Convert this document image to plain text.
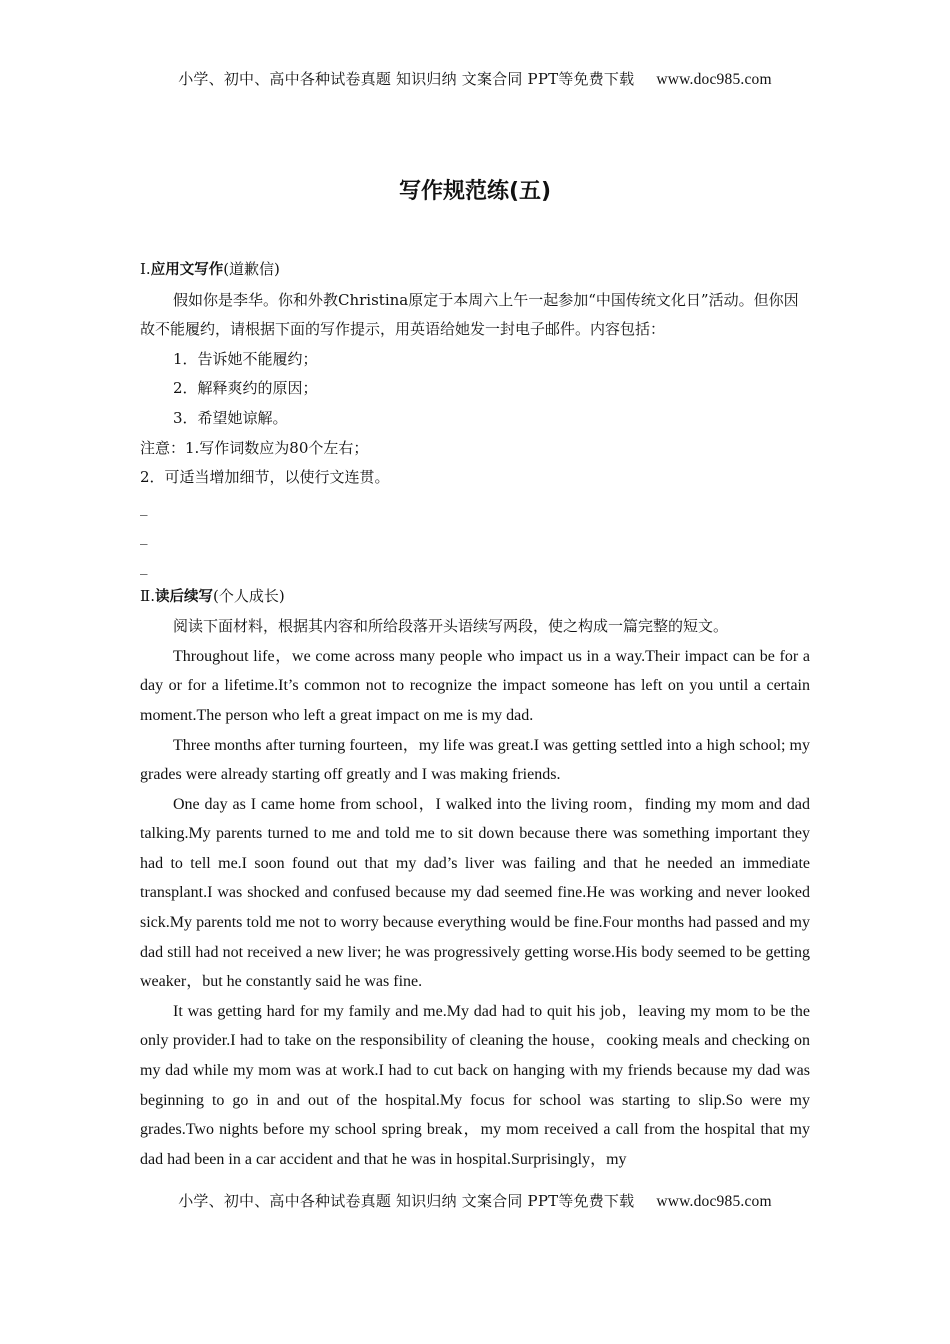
小学、初中、高中各种试卷真题 知识归纳 文案合同 PPT等免费下载 www.doc985.com
写作规范练(五)

Ⅰ.应用文写作(道歉信)

假如你是李华。你和外教Christina原定于本周六上午一起参加“中国传统文化日”活动。但你因故不能履约，请根据下面的写作提示，用英语给她发一封电子邮件。内容包括：

1．告诉她不能履约；

2．解释爽约的原因；

3．希望她谅解。

注意：1.写作词数应为80个左右；

2．可适当增加细节，以使行文连贯。

_

_

_

Ⅱ.读后续写(个人成长)

阅读下面材料，根据其内容和所给段落开头语续写两段，使之构成一篇完整的短文。

Throughout life，we come across many people who impact us in a way.Their impact can be for a day or for a lifetime.It’s common not to recognize the impact someone has left on you until a certain moment.The person who left a great impact on me is my dad.

Three months after turning fourteen，my life was great.I was getting settled into a high school; my grades were already starting off greatly and I was making friends.

One day as I came home from school，I walked into the living room，finding my mom and dad talking.My parents turned to me and told me to sit down because there was something important they had to tell me.I soon found out that my dad’s liver was failing and that he needed an immediate transplant.I was shocked and confused because my dad seemed fine.He was working and never looked sick.My parents told me not to worry because everything would be fine.Four months had passed and my dad still had not received a new liver; he was progressively getting worse.His body seemed to be getting weaker，but he constantly said he was fine.

It was getting hard for my family and me.My dad had to quit his job，leaving my mom to be the only provider.I had to take on the responsibility of cleaning the house，cooking meals and checking on my dad while my mom was at work.I had to cut back on hanging with my friends because my dad was beginning to go in and out of the hospital.My focus for school was starting to slip.So were my grades.Two nights before my school spring break，my mom received a call from the hospital that my dad had been in a car accident and that he was in hospital.Surprisingly，my

小学、初中、高中各种试卷真题 知识归纳 文案合同 PPT等免费下载 www.doc985.com
